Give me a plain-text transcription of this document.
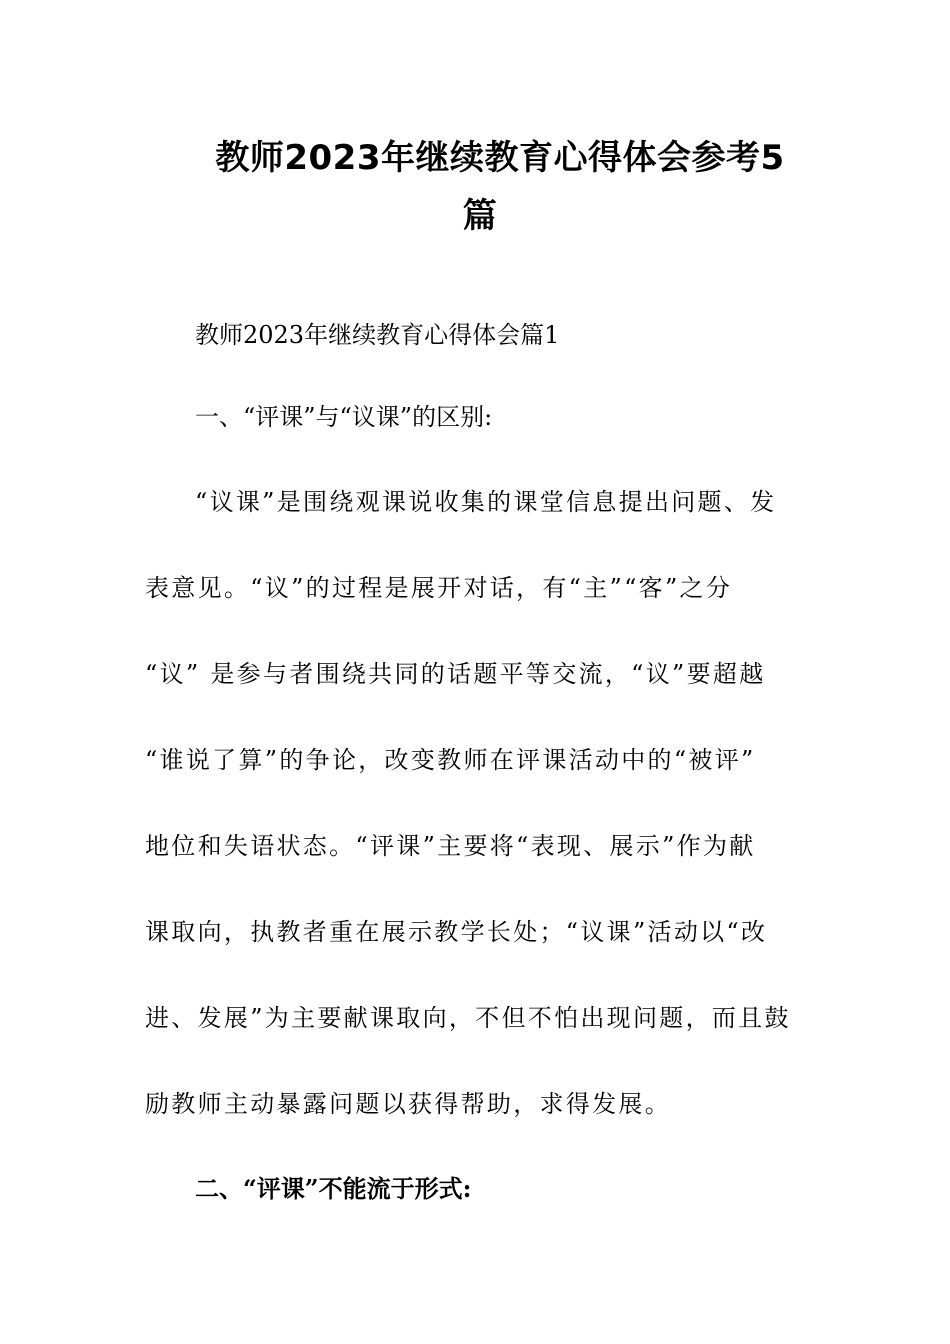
教师2023年继续教育心得体会参考5
篇
教师2023年继续教育心得体会篇1
一、“评课”与“议课”的区别:
“议课”是围绕观课说收集的课堂信息提出问题、发
表意见。“议”的过程是展开对话，有“主”“客”之分
“议” 是参与者围绕共同的话题平等交流，“议”要超越
“谁说了算”的争论，改变教师在评课活动中的“被评”
地位和失语状态。“评课”主要将“表现、展示”作为献
课取向，执教者重在展示教学长处；“议课”活动以“改
进、发展”为主要献课取向，不但不怕出现问题，而且鼓
励教师主动暴露问题以获得帮助，求得发展。
二、“评课”不能流于形式:
